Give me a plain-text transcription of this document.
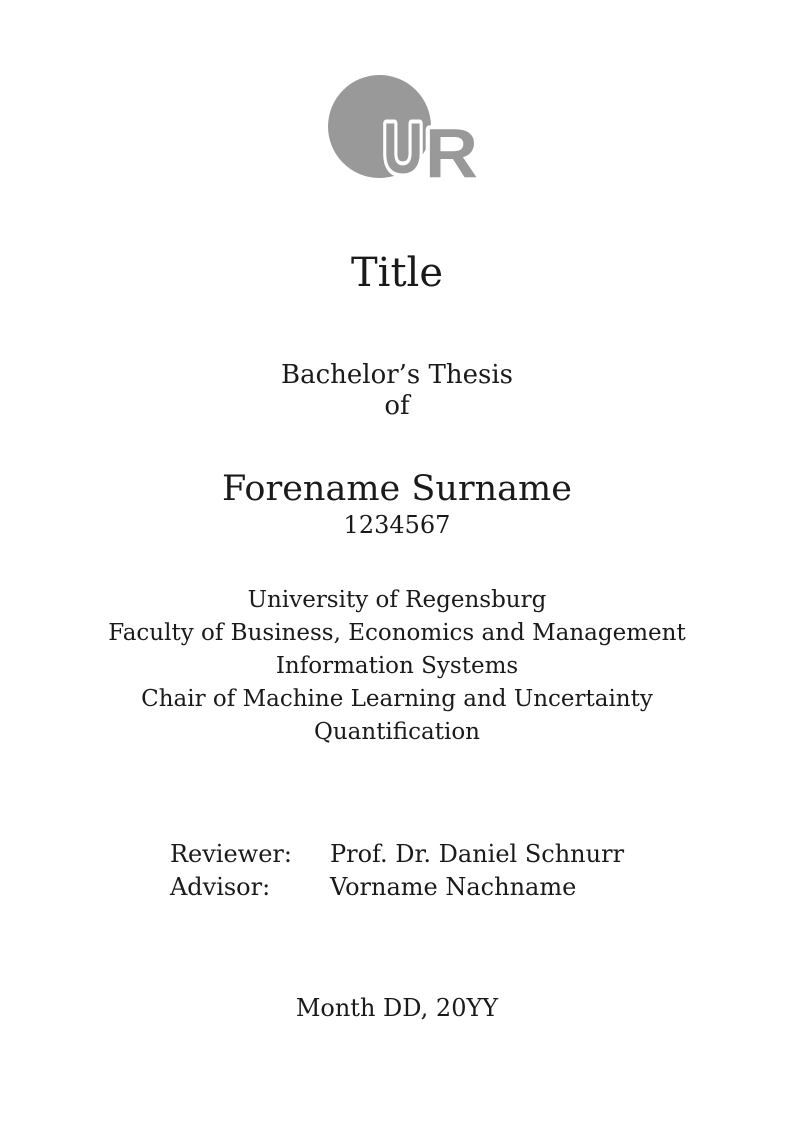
U R
Title
Bachelor’s Thesis
of
Forename Surname
1234567
University of Regensburg
Faculty of Business, Economics and Management
Information Systems
Chair of Machine Learning and Uncertainty
Quantification
Reviewer: Prof. Dr. Daniel Schnurr
Advisor:	Vorname Nachname
Month DD, 20YY
